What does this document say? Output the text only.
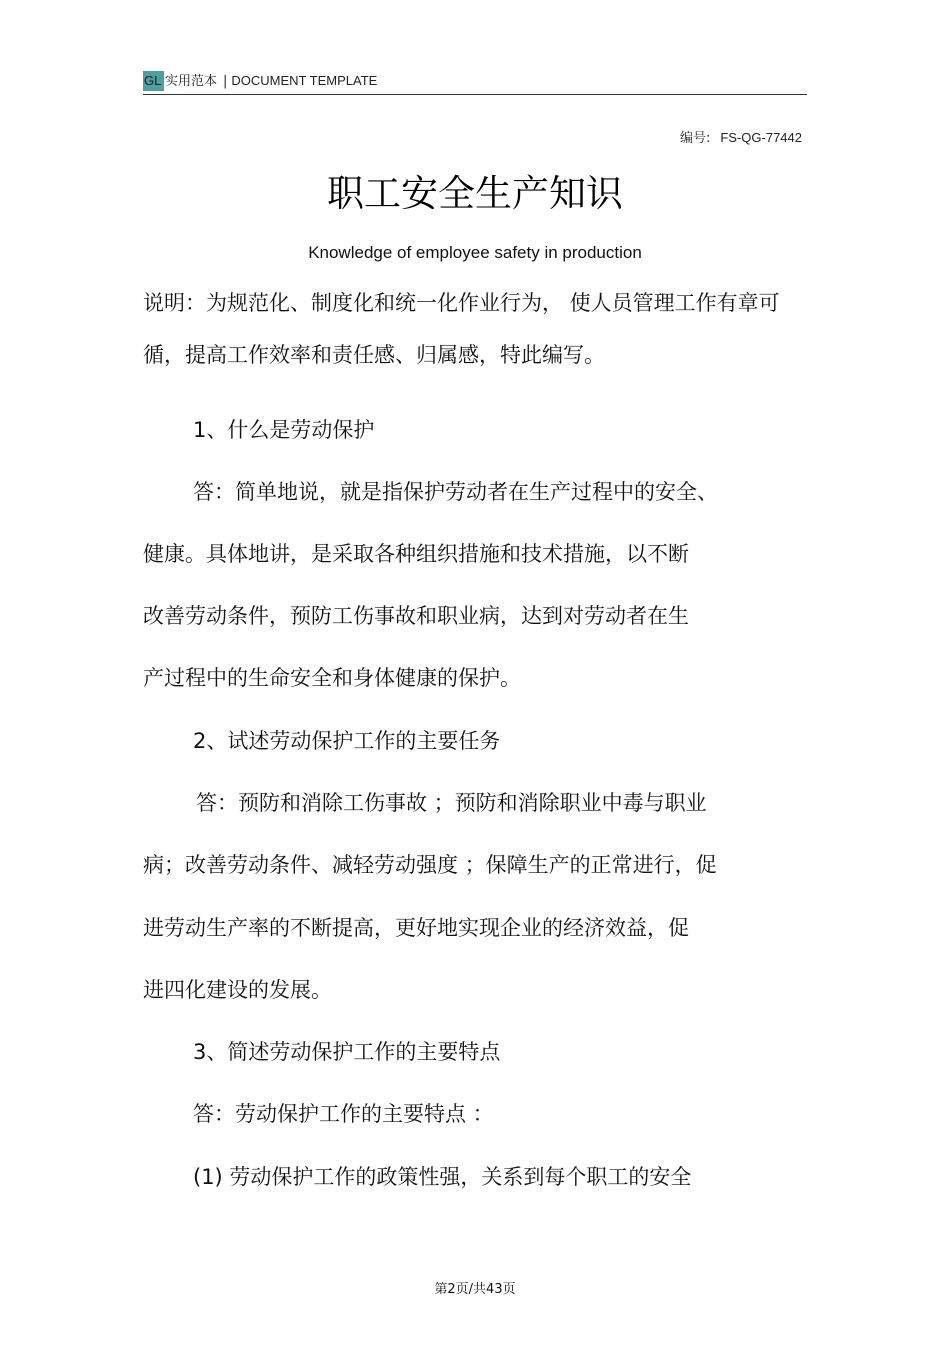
GL 实用范本 | DOCUMENT TEMPLATE
编号: FS-QG-77442
职工安全生产知识
Knowledge of employee safety in production
说明：为规范化、制度化和统一化作业行为， 使人员管理工作有章可
循，提高工作效率和责任感、归属感，特此编写。
1、什么是劳动保护
答：简单地说，就是指保护劳动者在生产过程中的安全、
健康。具体地讲，是采取各种组织措施和技术措施，以不断
改善劳动条件，预防工伤事故和职业病，达到对劳动者在生
产过程中的生命安全和身体健康的保护。
2、试述劳动保护工作的主要任务
答：预防和消除工伤事故 ；预防和消除职业中毒与职业
病；改善劳动条件、减轻劳动强度 ；保障生产的正常进行，促
进劳动生产率的不断提高，更好地实现企业的经济效益，促
进四化建设的发展。
3、简述劳动保护工作的主要特点
答：劳动保护工作的主要特点 ：
(1) 劳动保护工作的政策性强，关系到每个职工的安全
第2页/共43页
